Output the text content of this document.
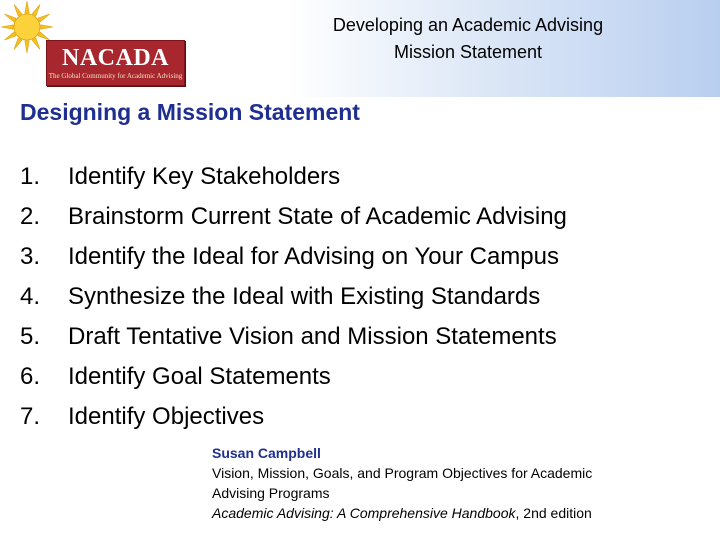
NACADA
The Global Community for Academic Advising
Developing an Academic Advising
Mission Statement
Designing a Mission Statement
1.	Identify Key Stakeholders
2.	Brainstorm Current State of Academic Advising
3.	Identify the Ideal for Advising on Your Campus
4.	Synthesize the Ideal with Existing Standards
5.	Draft Tentative Vision and Mission Statements
6.	Identify Goal Statements
7.	Identify Objectives
Susan Campbell
Vision, Mission, Goals, and Program Objectives for Academic
Advising Programs
Academic Advising: A Comprehensive Handbook, 2nd edition
